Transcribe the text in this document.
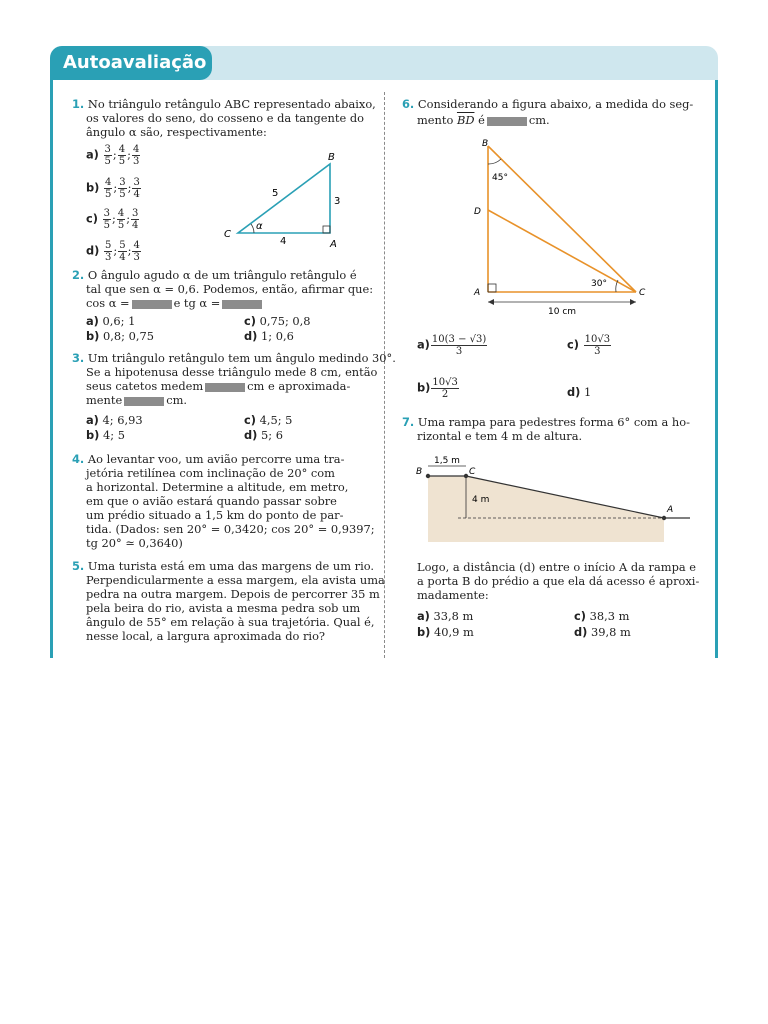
Autoavaliação
1. No triângulo retângulo ABC representado abaixo,
os valores do seno, do cosseno e da tangente do
ângulo α são, respectivamente:
$a) \frac{3}{5}$ ; $\frac{4}{5}$ ; $\frac{4}{3}$
$b) \frac{4}{5}$ ; $\frac{3}{5}$ ; $\frac{3}{4}$
$c) \frac{3}{5}$ ; $\frac{4}{5}$ ; $\frac{3}{4}$
$d) \frac{5}{3}$ ; $\frac{5}{4}$ ; $\frac{4}{3}$
α
C
A
B
5
3
4
2. O ângulo agudo α de um triângulo retângulo é
tal que sen α = 0,6. Podemos, então, afirmar que:
cos α =	e tg α =
a) 0,6; 1
b) 0,8; 0,75
c) 0,75; 0,8
d) 1; 0,6
3. Um triângulo retângulo tem um ângulo medindo 30°.
Se a hipotenusa desse triângulo mede 8 cm, então
seus catetos medem	cm e aproximada-
mente	cm.
a) 4; 6,93
b) 4; 5
c) 4,5; 5
d) 5; 6
4. Ao levantar voo, um avião percorre uma tra-
jetória retilínea com inclinação de 20° com
a horizontal. Determine a altitude, em metro,
em que o avião estará quando passar sobre
um prédio situado a 1,5 km do ponto de par-
tida. (Dados: sen 20° = 0,3420; cos 20° = 0,9397;
tg 20° ≃ 0,3640)
5. Uma turista está em uma das margens de um rio.
Perpendicularmente a essa margem, ela avista uma
pedra na outra margem. Depois de percorrer 35 m
pela beira do rio, avista a mesma pedra sob um
ângulo de 55° em relação à sua trajetória. Qual é,
nesse local, a largura aproximada do rio?
6. Considerando a figura abaixo, a medida do seg-
mento $\overline{BD}$ é	cm.
B
D
A	C
45°
30°
10 cm
$a) \frac{10(3 - √3)}{3}$	$c) \frac{10√3}{3}$
$b) \frac{10√3}{2}$	d) 1
7. Uma rampa para pedestres forma 6° com a ho-
rizontal e tem 4 m de altura.
B	C
A
1,5 m
4 m
Logo, a distância (d) entre o início A da rampa e
a porta B do prédio a que ela dá acesso é aproxi-
madamente:
a) 33,8 m
b) 40,9 m
c) 38,3 m
d) 39,8 m
